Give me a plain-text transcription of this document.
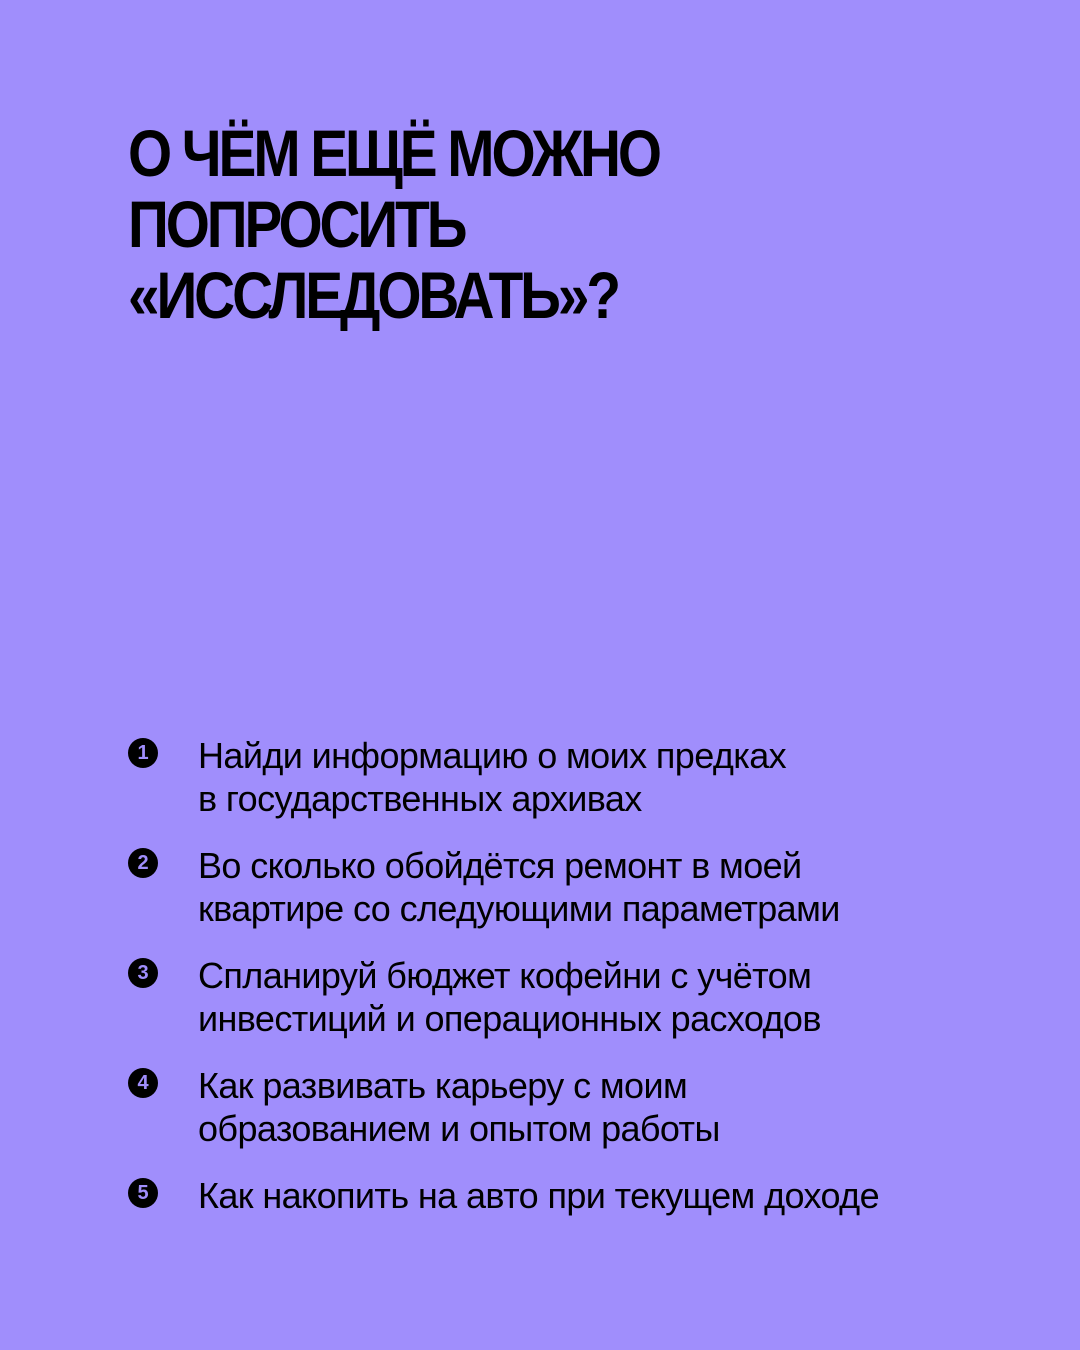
О ЧЁМ ЕЩЁ МОЖНО
ПОПРОСИТЬ
«ИССЛЕДОВАТЬ»?
1 Найди информацию о моих предках
в государственных архивах
2 Во сколько обойдётся ремонт в моей
квартире со следующими параметрами
3 Спланируй бюджет кофейни с учётом
инвестиций и операционных расходов
4 Как развивать карьеру с моим
образованием и опытом работы
5 Как накопить на авто при текущем доходе
